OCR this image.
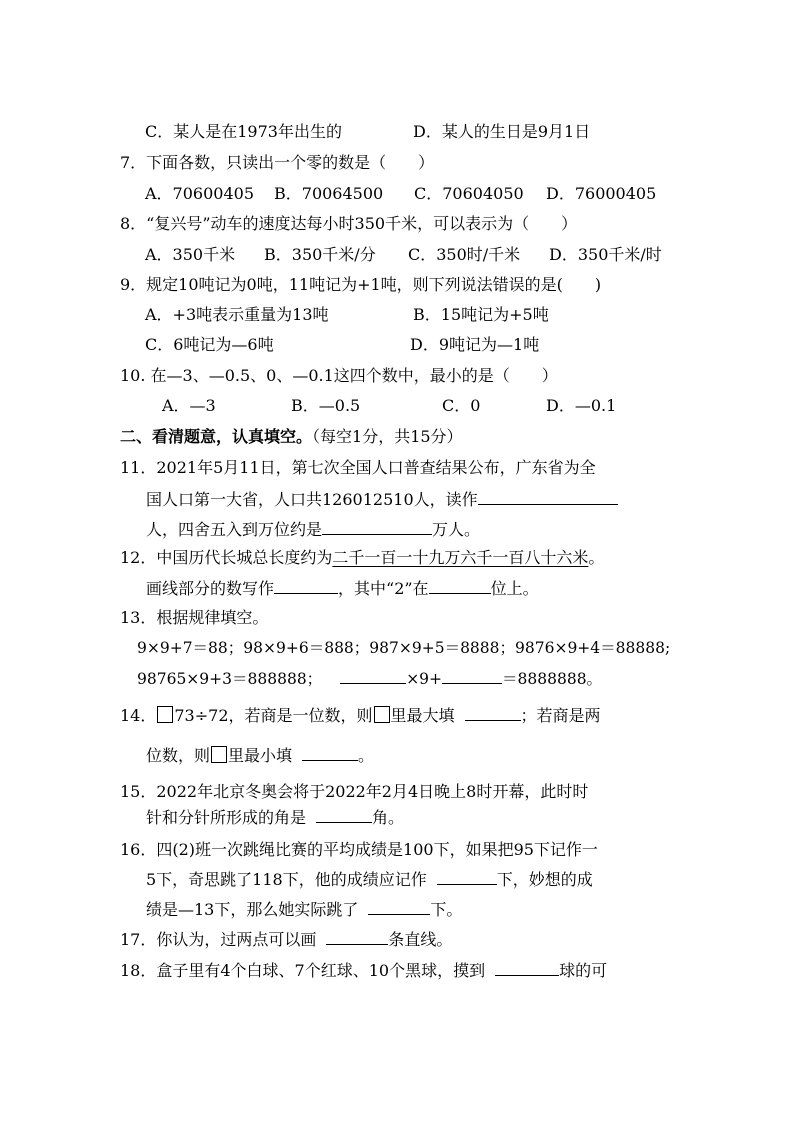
C．某人是在1973年出生的	D．某人的生日是9月1日
7．下面各数，只读出一个零的数是（　　）
A．70600405 B．70064500 C．70604050 D．76000405
8．“复兴号”动车的速度达每小时350千米，可以表示为（　　）
A．350千米 B．350千米/分 C．350时/千米 D．350千米/时
9．规定10吨记为0吨，11吨记为+1吨，则下列说法错误的是(　　)
A．+3吨表示重量为13吨	B．15吨记为+5吨
C．6吨记为—6吨	D．9吨记为—1吨
10. 在—3、—0.5、0、—0.1这四个数中，最小的是（　　）
A．—3	B．—0.5	C．0	D．—0.1
二、看清题意，认真填空。（每空1分，共15分）
11．2021年5月11日，第七次全国人口普查结果公布，广东省为全
国人口第一大省，人口共126012510人，读作
人，四舍五入到万位约是	万人。
12．中国历代长城总长度约为二千一百一十九万六千一百八十六米。
画线部分的数写作	，其中“2”在	位上。
13．根据规律填空。
9×9+7＝88；98×9+6＝888；987×9+5＝8888；9876×9+4＝88888;
98765×9+3＝888888；	×9+	＝8888888。
14． 73÷72，若商是一位数，则 里最大填	；若商是两
位数，则 里最小填	。
15．2022年北京冬奥会将于2022年2月4日晚上8时开幕，此时时
针和分针所形成的角是	角。
16．四(2)班一次跳绳比赛的平均成绩是100下，如果把95下记作一
5下，奇思跳了118下，他的成绩应记作	下，妙想的成
绩是—13下，那么她实际跳了	下。
17．你认为，过两点可以画	条直线。
18．盒子里有4个白球、7个红球、10个黑球，摸到	球的可
